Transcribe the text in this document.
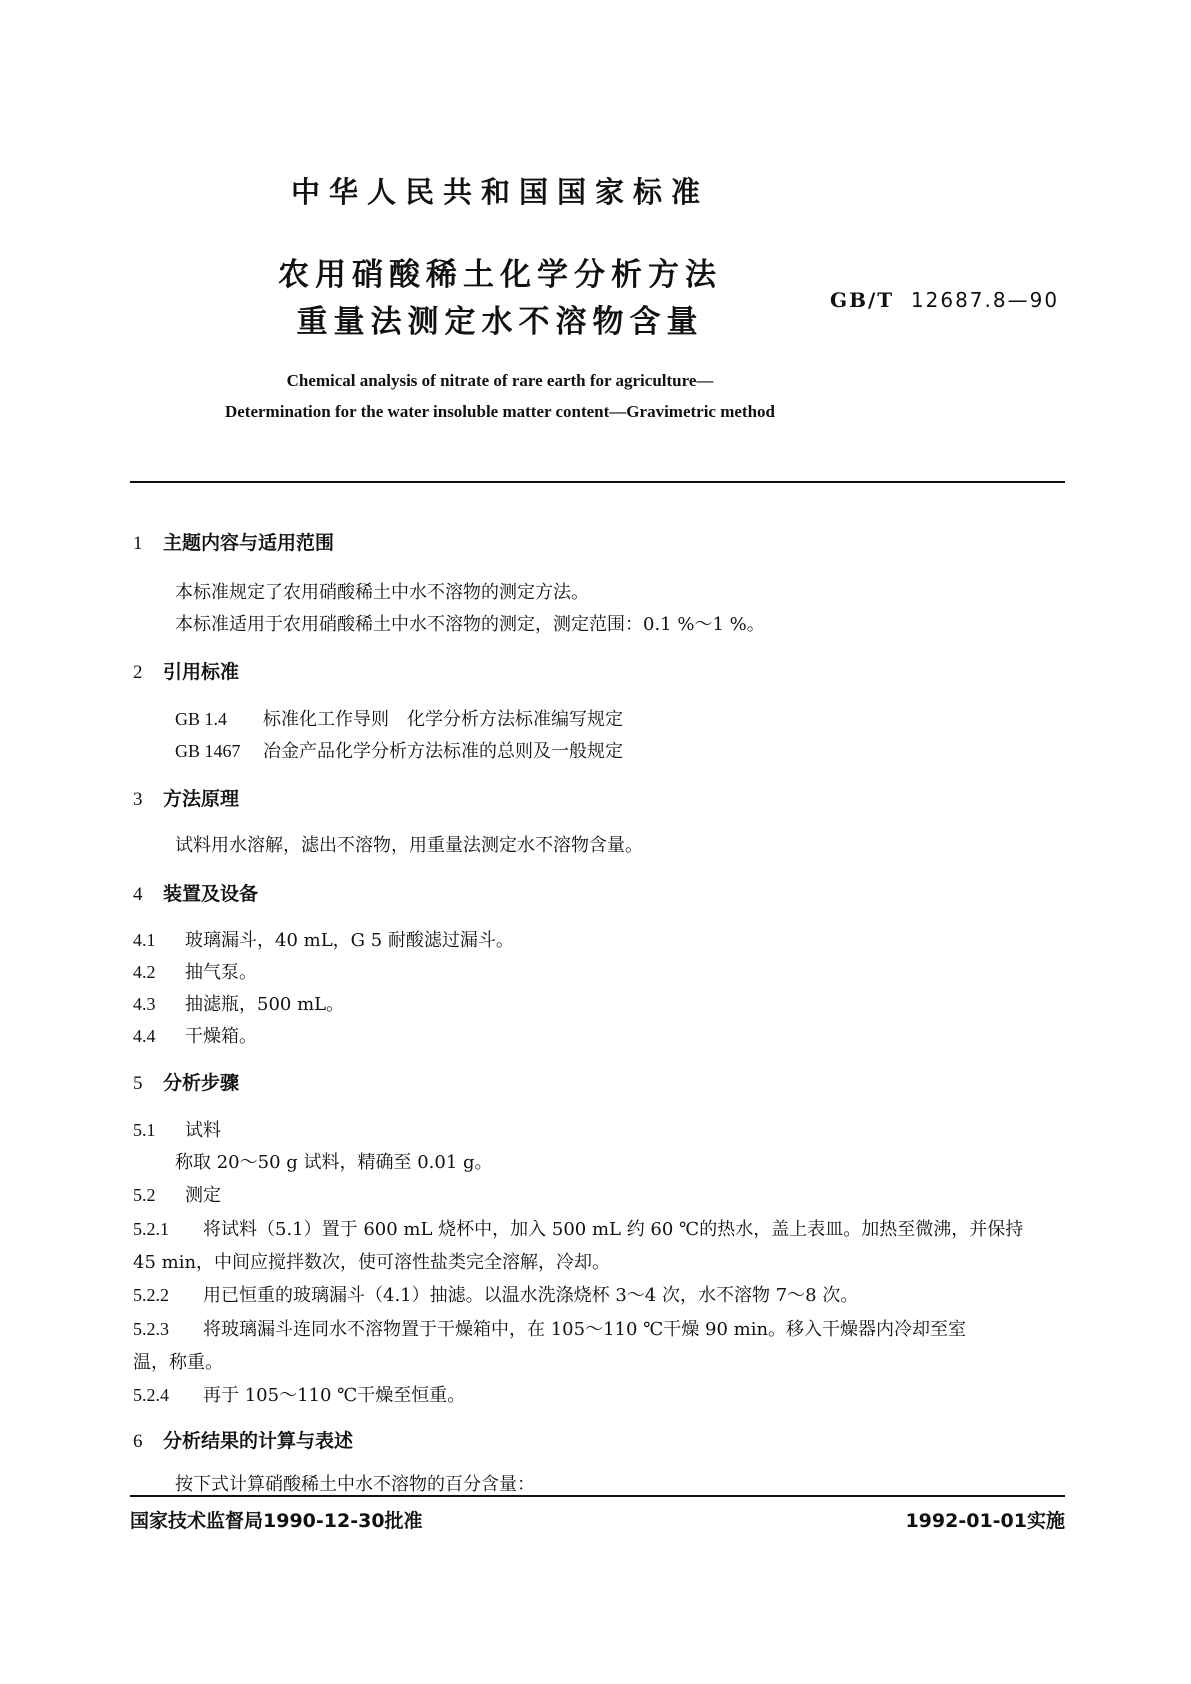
中华人民共和国国家标准
农用硝酸稀土化学分析方法
重量法测定水不溶物含量
GB/T 12687.8—90
Chemical analysis of nitrate of rare earth for agriculture—
Determination for the water insoluble matter content—Gravimetric method
1 主题内容与适用范围
本标准规定了农用硝酸稀土中水不溶物的测定方法。
本标准适用于农用硝酸稀土中水不溶物的测定，测定范围：0.1 %～1 %。
2 引用标准
GB 1.4 标准化工作导则　化学分析方法标准编写规定
GB 1467 冶金产品化学分析方法标准的总则及一般规定
3 方法原理
试料用水溶解，滤出不溶物，用重量法测定水不溶物含量。
4 装置及设备
4.1 玻璃漏斗，40 mL，G 5 耐酸滤过漏斗。
4.2 抽气泵。
4.3 抽滤瓶，500 mL。
4.4 干燥箱。
5 分析步骤
5.1 试料
称取 20～50 g 试料，精确至 0.01 g。
5.2 测定
5.2.1 将试料（5.1）置于 600 mL 烧杯中，加入 500 mL 约 60 ℃的热水，盖上表皿。加热至微沸，并保持
45 min，中间应搅拌数次，使可溶性盐类完全溶解，冷却。
5.2.2 用已恒重的玻璃漏斗（4.1）抽滤。以温水洗涤烧杯 3～4 次，水不溶物 7～8 次。
5.2.3 将玻璃漏斗连同水不溶物置于干燥箱中，在 105～110 ℃干燥 90 min。移入干燥器内冷却至室
温，称重。
5.2.4 再于 105～110 ℃干燥至恒重。
6 分析结果的计算与表述
按下式计算硝酸稀土中水不溶物的百分含量：
国家技术监督局1990-12-30批准	1992-01-01实施
